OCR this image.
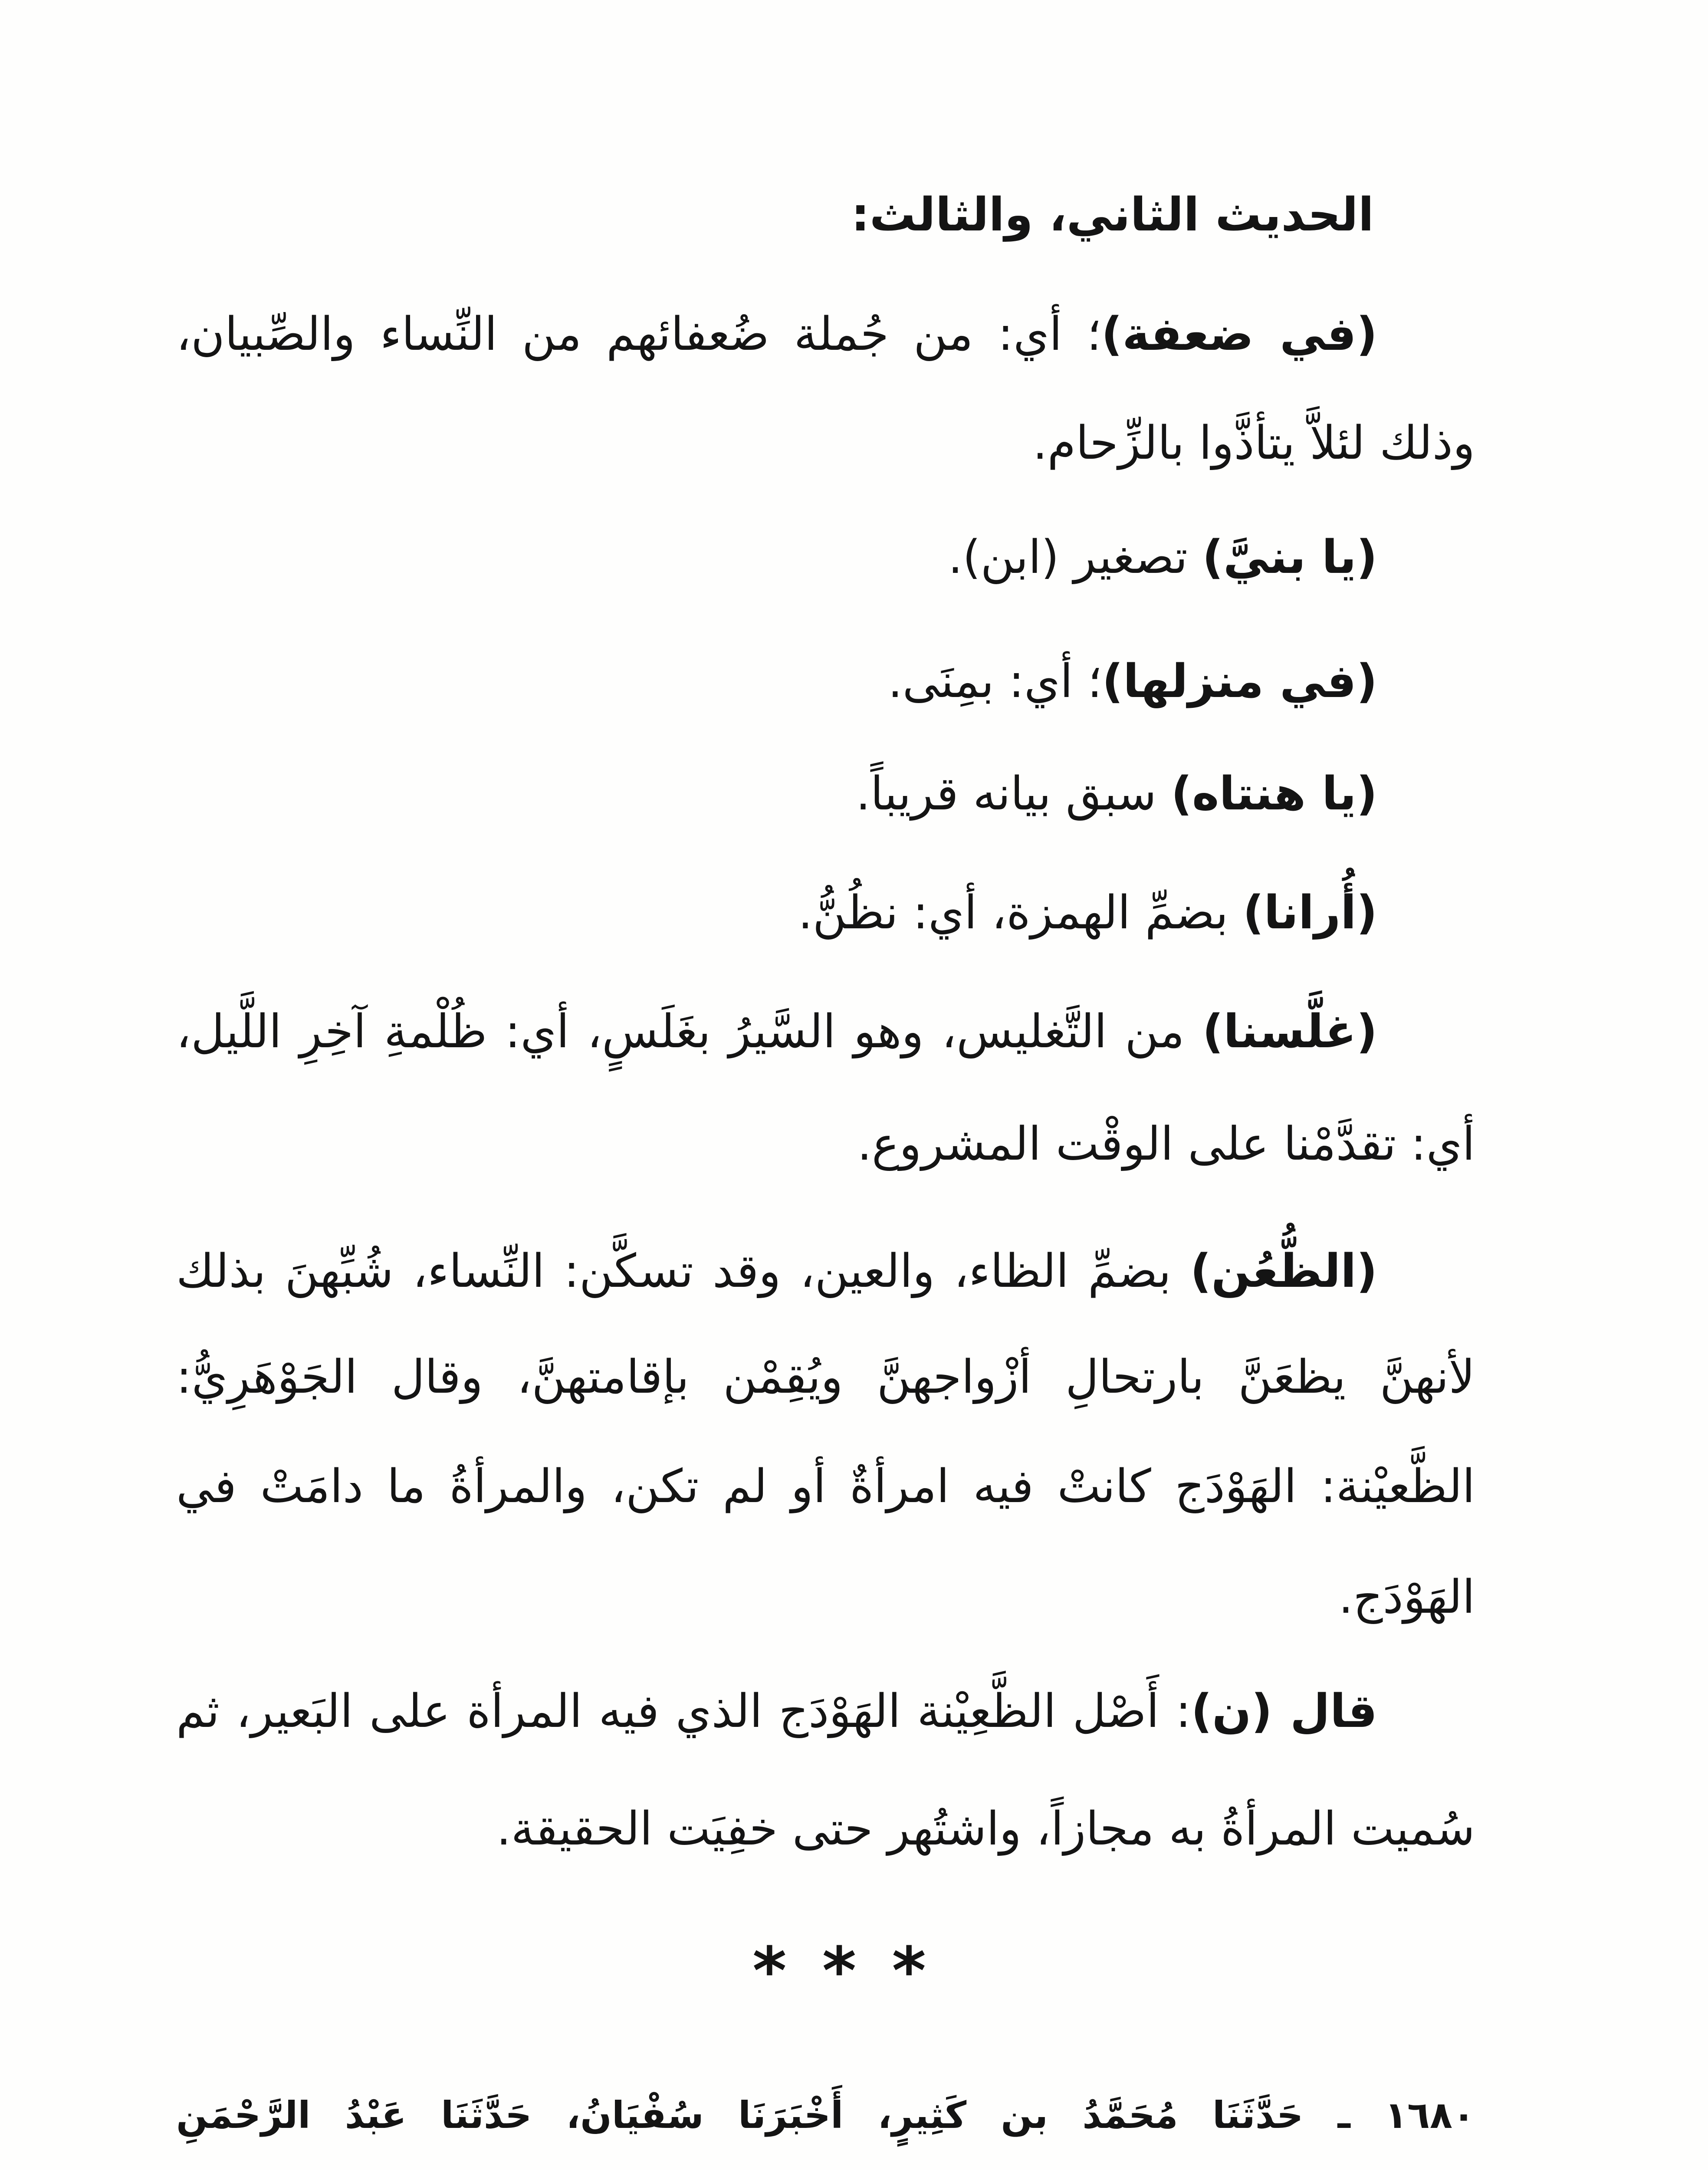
الحديث الثاني، والثالث:
(في ضعفة)؛ أي: من جُملة ضُعفائهم من النِّساء والصِّبيان،
وذلك لئلاَّ يتأذَّوا بالزِّحام.
(يا بنيَّ) تصغير (ابن).
(في منزلها)؛ أي: بمِنَى.
(يا هنتاه) سبق بيانه قريباً.
(أُرانا) بضمِّ الهمزة، أي: نظُنُّ.
(غلَّسنا) من التَّغليس، وهو السَّيرُ بغَلَسٍ، أي: ظُلْمةِ آخِرِ اللَّيل،
أي: تقدَّمْنا على الوقْت المشروع.
(الظُّعُن) بضمِّ الظاء، والعين، وقد تسكَّن: النِّساء، شُبِّهنَ بذلك
لأنهنَّ يظعَنَّ بارتحالِ أزْواجهنَّ ويُقِمْن بإقامتهنَّ، وقال الجَوْهَرِيُّ:
الظَّعيْنة: الهَوْدَج كانتْ فيه امرأةٌ أو لم تكن، والمرأةُ ما دامَتْ في
الهَوْدَج.
قال (ن): أَصْل الظَّعِيْنة الهَوْدَج الذي فيه المرأة على البَعير، ثم
سُميت المرأةُ به مجازاً، واشتُهر حتى خفِيَت الحقيقة.
* * *
١٦٨٠ ـ حَدَّثَنَا مُحَمَّدُ بن كَثِيرٍ، أَخْبَرَنَا سُفْيَانُ، حَدَّثَنَا عَبْدُ الرَّحْمَنِ
